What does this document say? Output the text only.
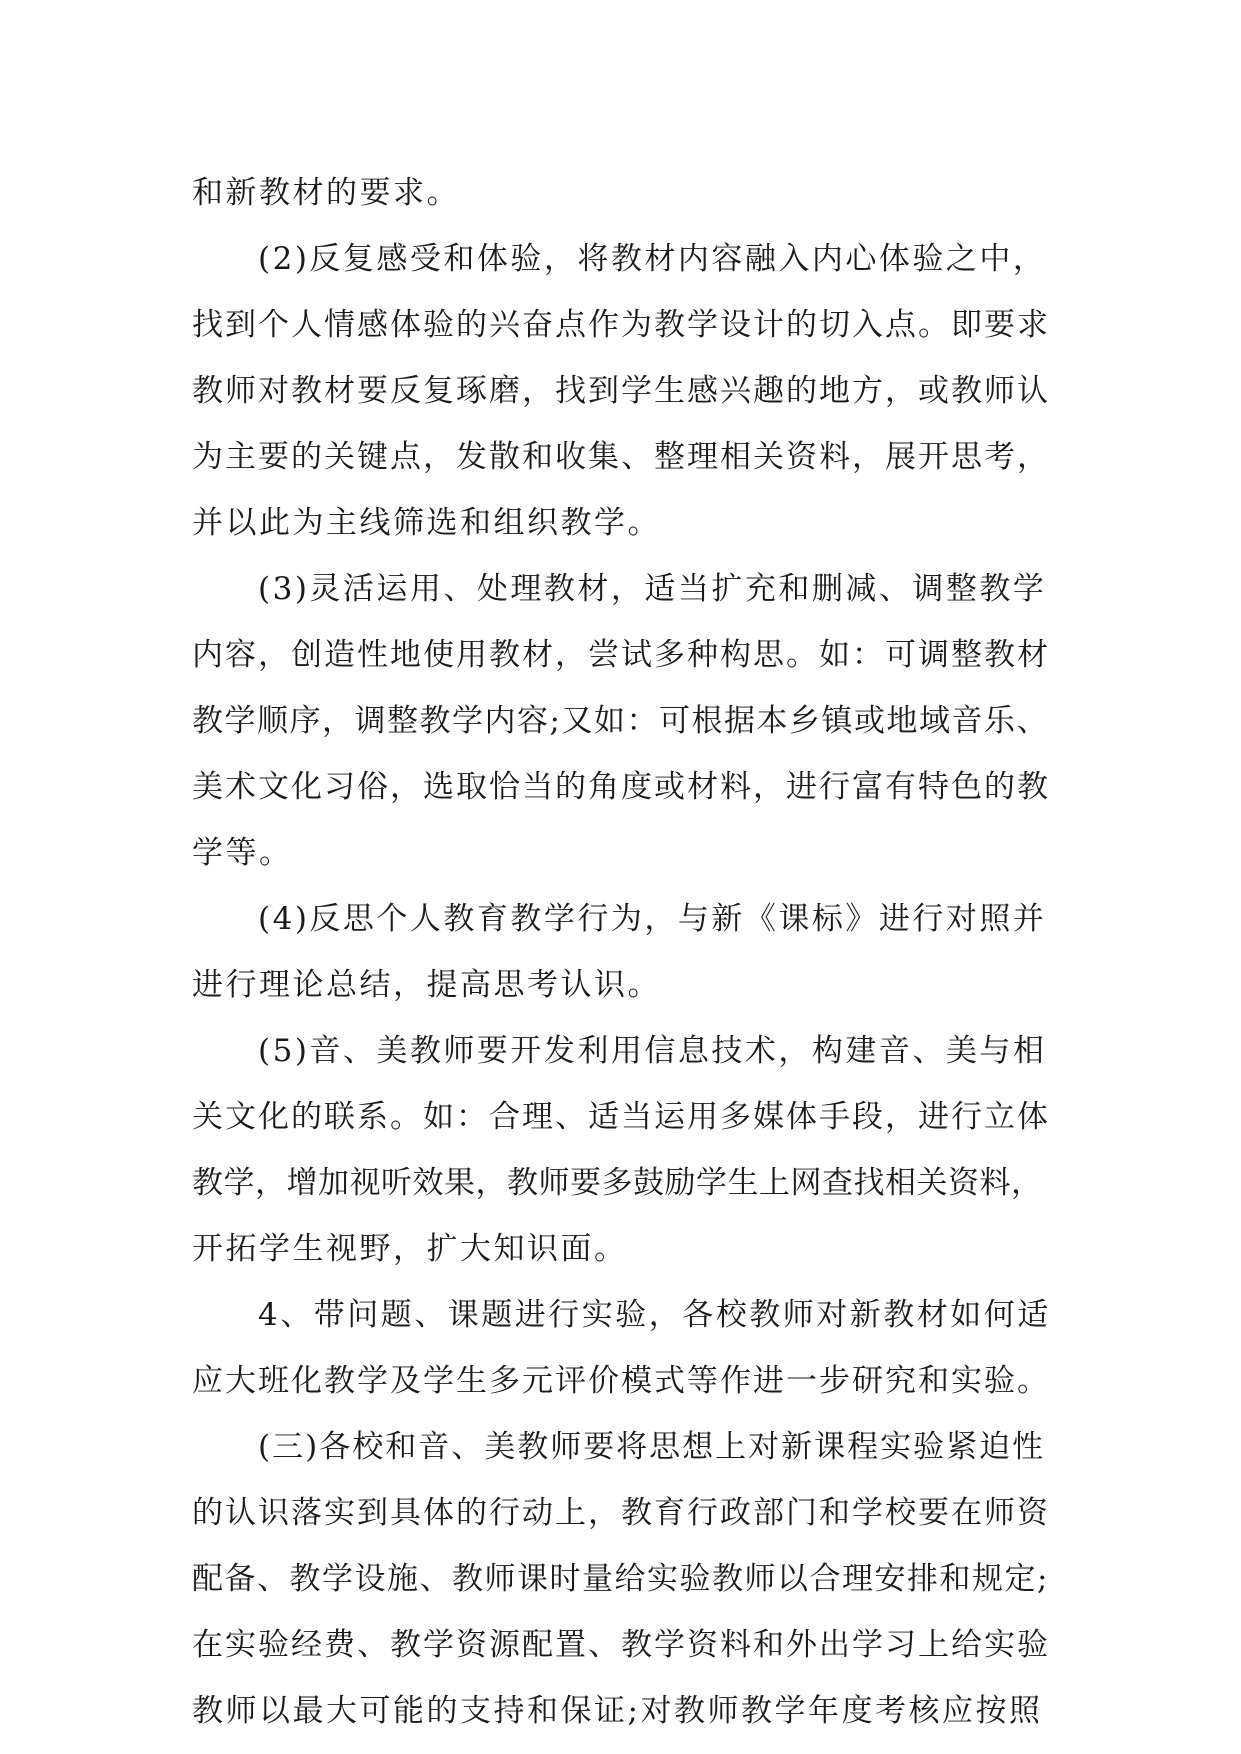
和新教材的要求。
(2)反复感受和体验，将教材内容融入内心体验之中，
找到个人情感体验的兴奋点作为教学设计的切入点。即要求
教师对教材要反复琢磨，找到学生感兴趣的地方，或教师认
为主要的关键点，发散和收集、整理相关资料，展开思考，
并以此为主线筛选和组织教学。
(3)灵活运用、处理教材，适当扩充和删减、调整教学
内容，创造性地使用教材，尝试多种构思。如：可调整教材
教学顺序，调整教学内容;又如：可根据本乡镇或地域音乐、
美术文化习俗，选取恰当的角度或材料，进行富有特色的教
学等。
(4)反思个人教育教学行为，与新《课标》进行对照并
进行理论总结，提高思考认识。
(5)音、美教师要开发利用信息技术，构建音、美与相
关文化的联系。如：合理、适当运用多媒体手段，进行立体
教学，增加视听效果，教师要多鼓励学生上网查找相关资料，
开拓学生视野，扩大知识面。
4、带问题、课题进行实验，各校教师对新教材如何适
应大班化教学及学生多元评价模式等作进一步研究和实验。
(三)各校和音、美教师要将思想上对新课程实验紧迫性
的认识落实到具体的行动上，教育行政部门和学校要在师资
配备、教学设施、教师课时量给实验教师以合理安排和规定;
在实验经费、教学资源配置、教学资料和外出学习上给实验
教师以最大可能的支持和保证;对教师教学年度考核应按照
